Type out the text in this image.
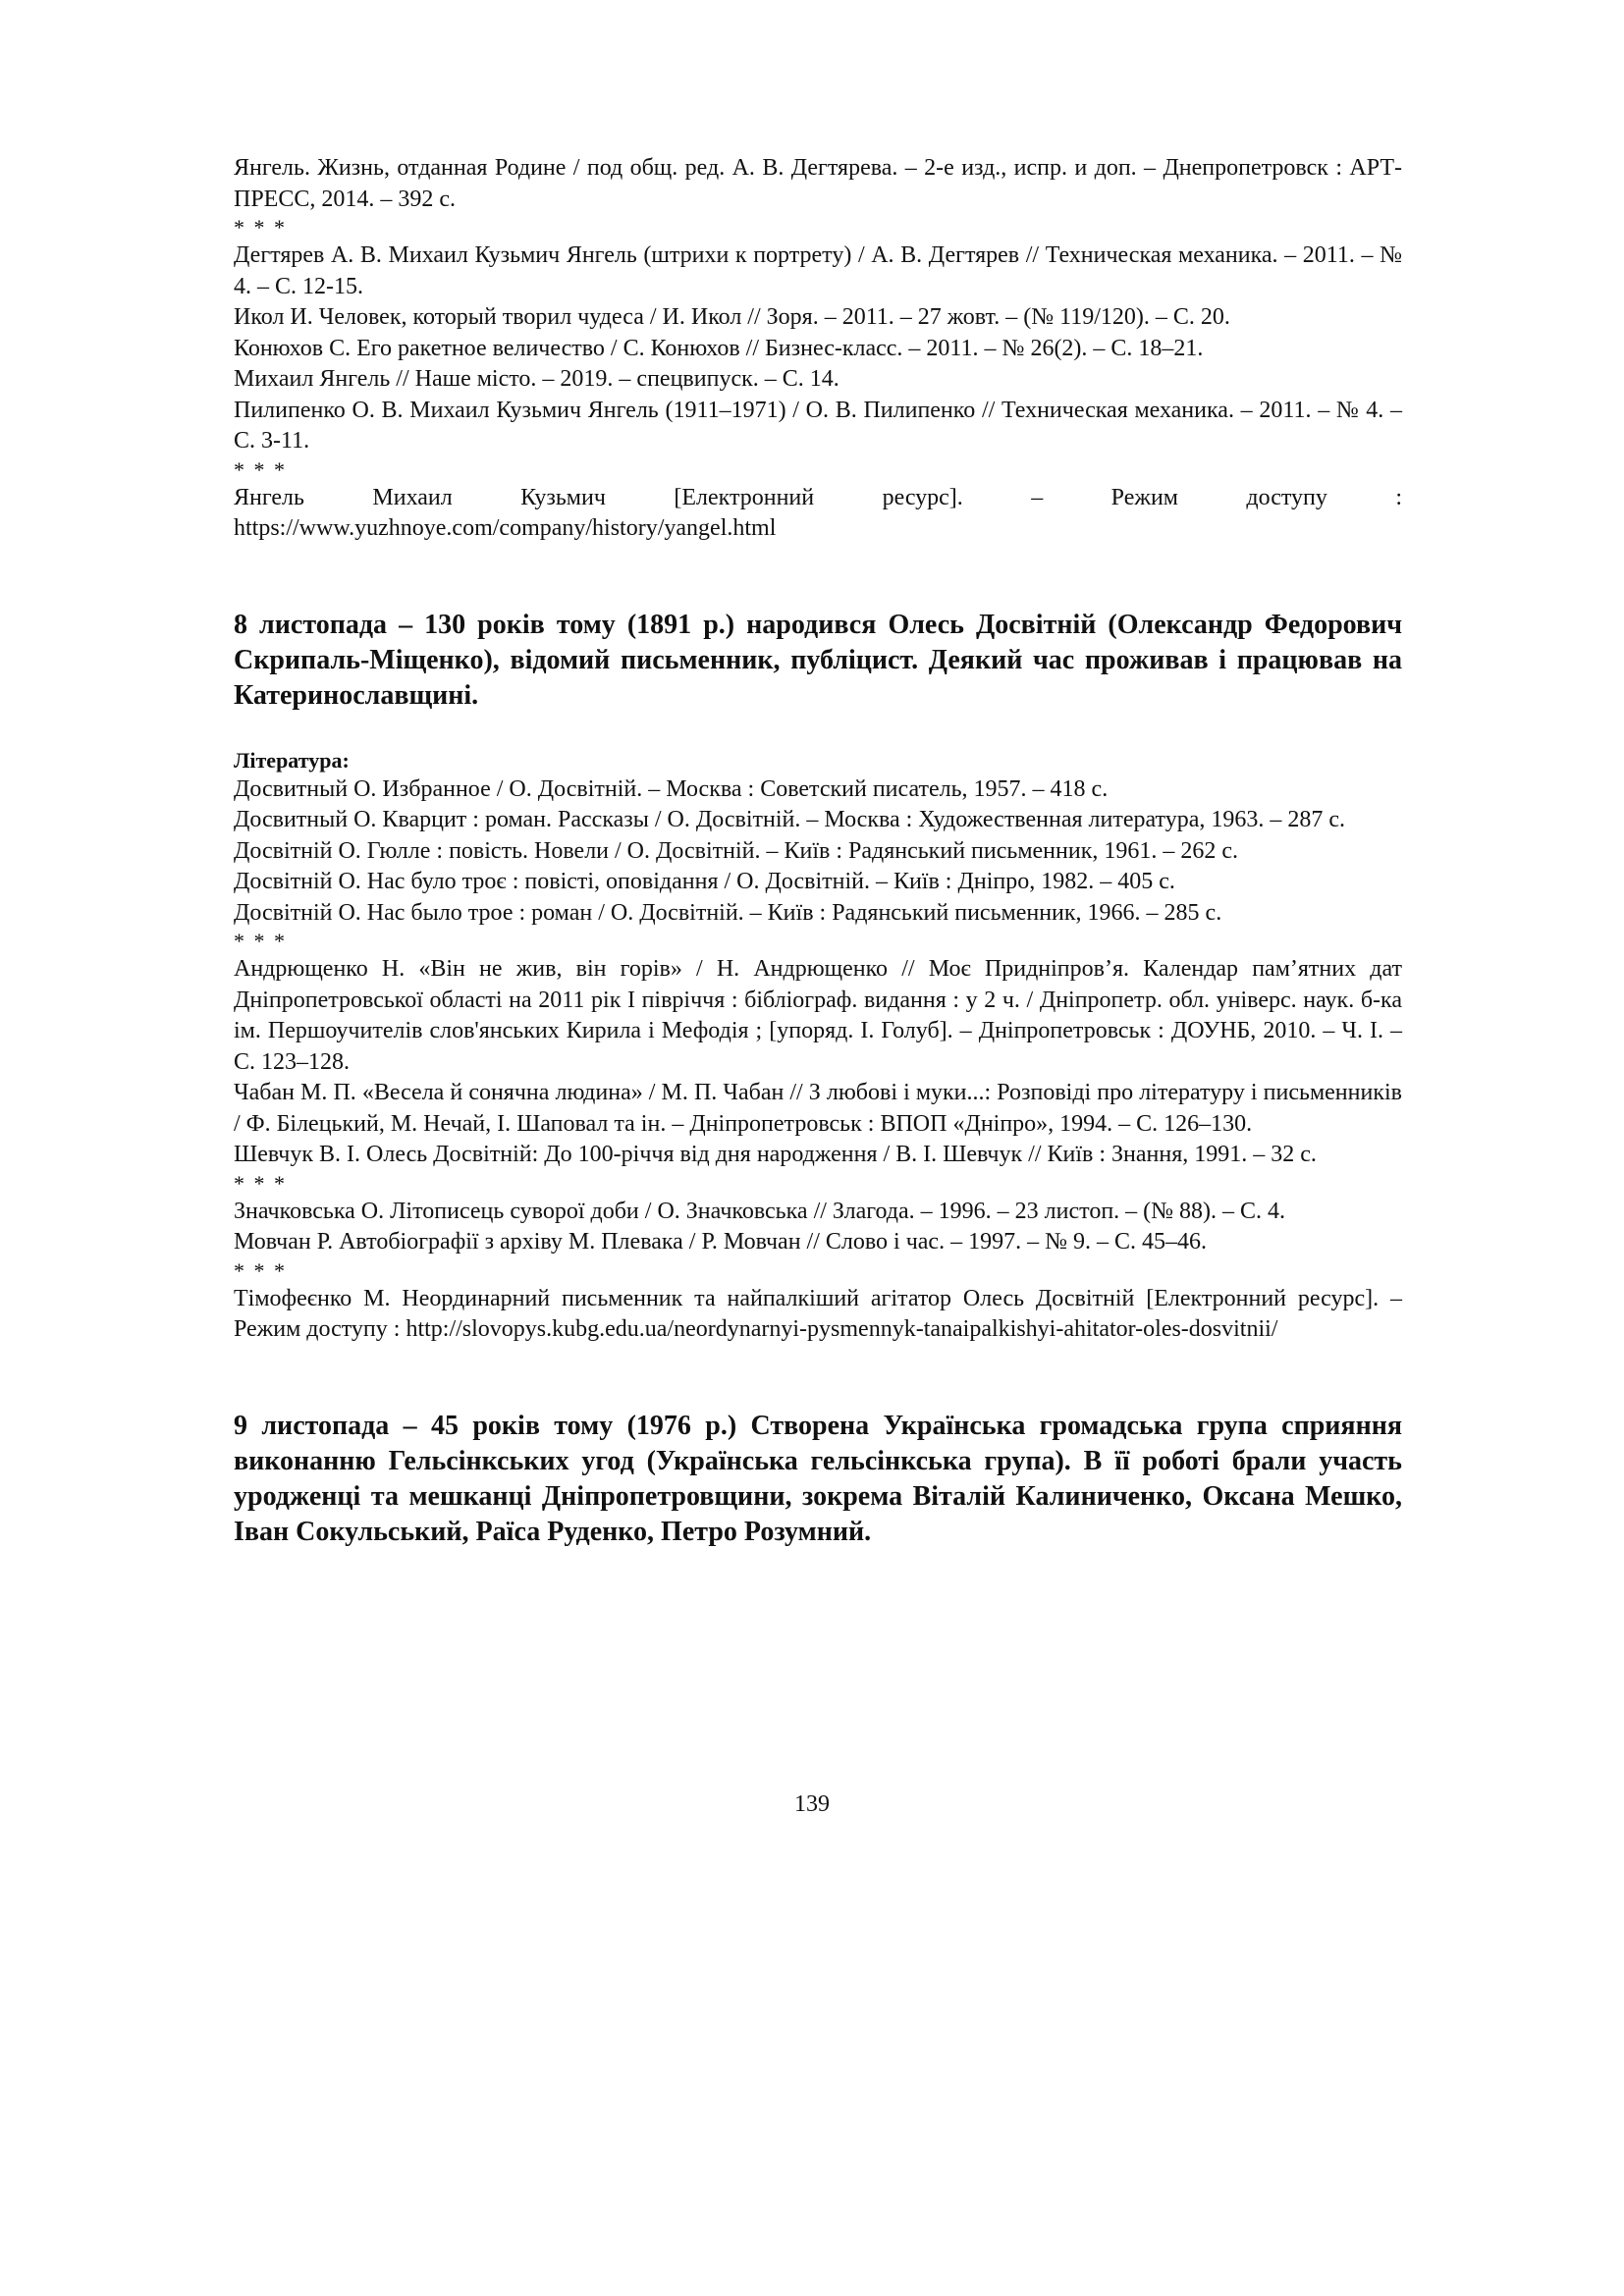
Янгель. Жизнь, отданная Родине / под общ. ред. А. В. Дегтярева. – 2-е изд., испр. и доп. – Днепропетровск : АРТ-ПРЕСС, 2014. – 392 с.

* * *

Дегтярев А. В. Михаил Кузьмич Янгель (штрихи к портрету) / А. В. Дегтярев // Техническая механика. – 2011. – № 4. – С. 12-15.

Икол И. Человек, который творил чудеса / И. Икол // Зоря. – 2011. – 27 жовт. – (№ 119/120). – С. 20.

Конюхов С. Его ракетное величество / С. Конюхов // Бизнес-класс. – 2011. – № 26(2). – С. 18–21.

Михаил Янгель // Наше місто. – 2019. – спецвипуск. – С. 14.

Пилипенко О. В. Михаил Кузьмич Янгель (1911–1971) / О. В. Пилипенко // Техническая механика. – 2011. – № 4. – С. 3-11.

* * *

Янгель Михаил Кузьмич [Електронний ресурс]. – Режим доступу : https://www.yuzhnoye.com/company/history/yangel.html

8 листопада – 130 років тому (1891 р.) народився Олесь Досвітній (Олександр Федорович Скрипаль-Міщенко), відомий письменник, публіцист. Деякий час проживав і працював на Катеринославщині.

Література:

Досвитный О. Избранное / О. Досвітній. – Москва : Советский писатель, 1957. – 418 с.

Досвитный О. Кварцит : роман. Рассказы / О. Досвітній. – Москва : Художественная литература, 1963. – 287 с.

Досвітній О. Гюлле : повість. Новели / О. Досвітній. – Київ : Радянський письменник, 1961. – 262 с.

Досвітній О. Нас було троє : повісті, оповідання / О. Досвітній. – Київ : Дніпро, 1982. – 405 с.

Досвітній О. Нас было трое : роман / О. Досвітній. – Київ : Радянський письменник, 1966. – 285 с.

* * *

Андрющенко Н. «Він не жив, він горів» / Н. Андрющенко // Моє Придніпров’я. Календар пам’ятних дат Дніпропетровської області на 2011 рік І півріччя : бібліограф. видання : у 2 ч. / Дніпропетр. обл. універс. наук. б-ка ім. Першоучителів слов'янських Кирила і Мефодія ; [упоряд. І. Голуб]. – Дніпропетровськ : ДОУНБ, 2010. – Ч. І. – С. 123–128.

Чабан М. П. «Весела й сонячна людина» / М. П. Чабан // З любові і муки...: Розповіді про літературу і письменників / Ф. Білецький, М. Нечай, І. Шаповал та ін. – Дніпропетровськ : ВПОП «Дніпро», 1994. – С. 126–130.

Шевчук В. І. Олесь Досвітній: До 100-річчя від дня народження / В. І. Шевчук // Київ : Знання, 1991. – 32 с.

* * *

Значковська О. Літописець суворої доби / О. Значковська // Злагода. – 1996. – 23 листоп. – (№ 88). – С. 4.

Мовчан Р. Автобіографії з архіву М. Плевака / Р. Мовчан // Слово і час. – 1997. – № 9. – С. 45–46.

* * *

Тімофеєнко М. Неординарний письменник та найпалкіший агітатор Олесь Досвітній [Електронний ресурс]. – Режим доступу : http://slovopys.kubg.edu.ua/neordynarnyi-pysmennyk-tanaipalkishyi-ahitator-oles-dosvitnii/

9 листопада – 45 років тому (1976 р.) Створена Українська громадська група сприяння виконанню Гельсінкських угод (Українська гельсінкська група). В її роботі брали участь уродженці та мешканці Дніпропетровщини, зокрема Віталій Калиниченко, Оксана Мешко, Іван Сокульський, Раїса Руденко, Петро Розумний.

139
